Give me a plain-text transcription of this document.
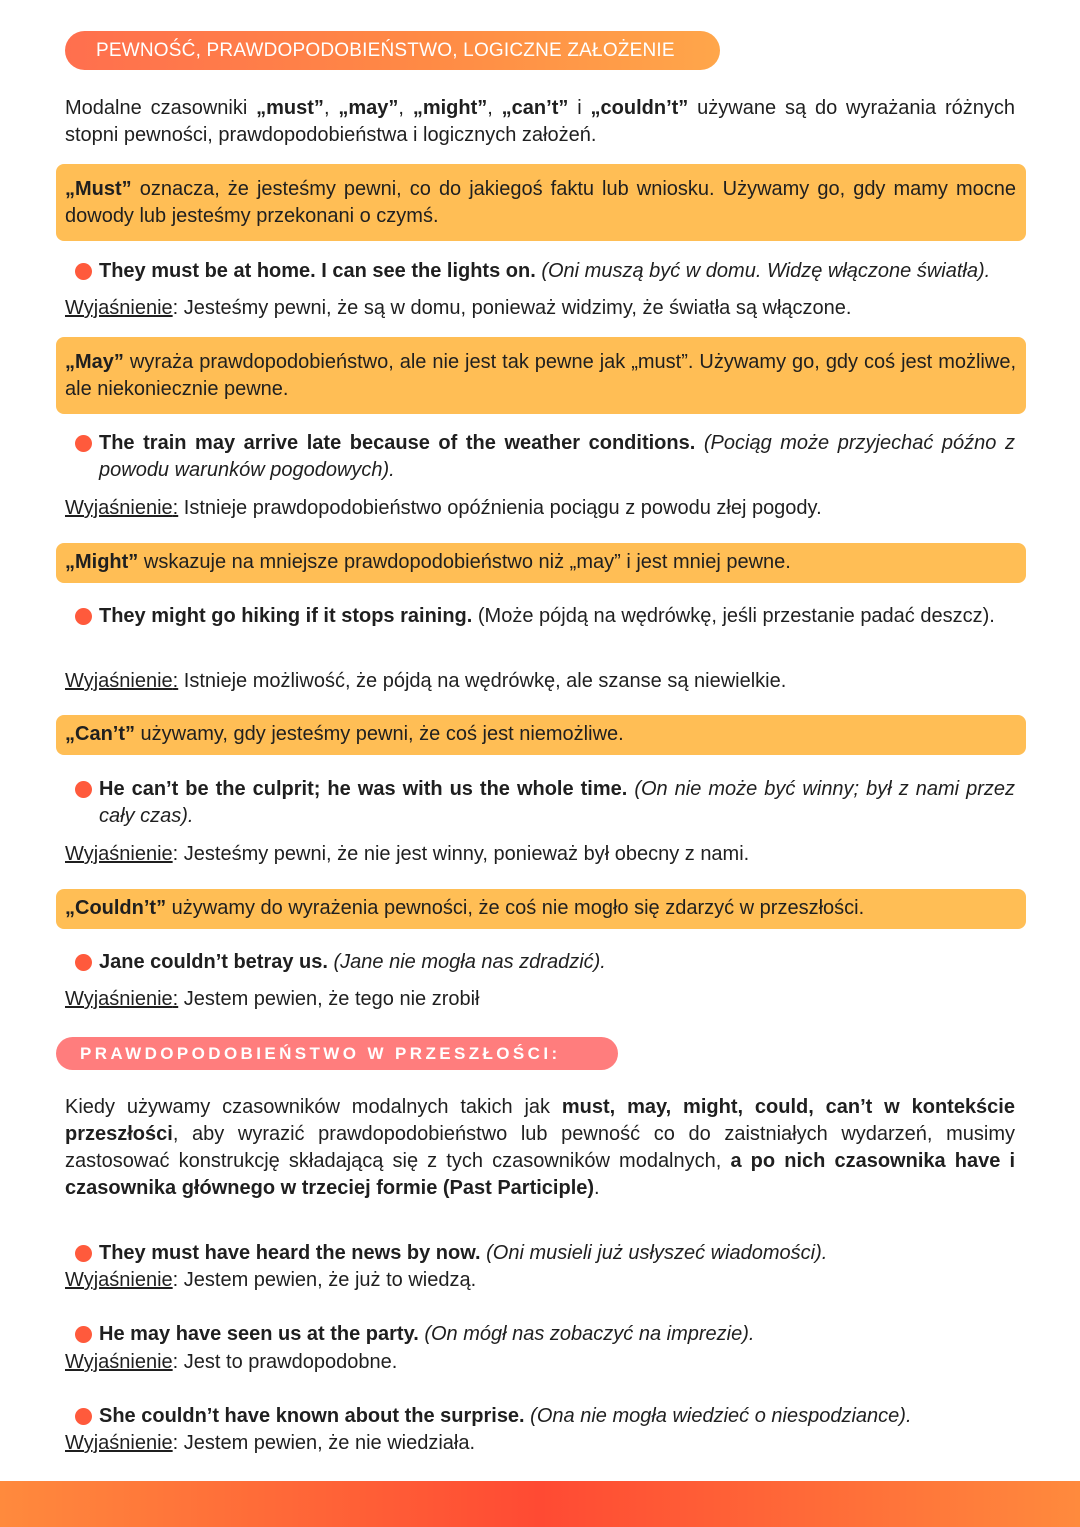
PEWNOŚĆ, PRAWDOPODOBIEŃSTWO, LOGICZNE ZAŁOŻENIE
Modalne czasowniki „must”, „may”, „might”, „can’t” i „couldn’t” używane są do wyrażania różnych stopni pewności, prawdopodobieństwa i logicznych założeń.
„Must” oznacza, że jesteśmy pewni, co do jakiegoś faktu lub wniosku. Używamy go, gdy mamy mocne dowody lub jesteśmy przekonani o czymś.
They must be at home. I can see the lights on. (Oni muszą być w domu. Widzę włączone światła).
Wyjaśnienie: Jesteśmy pewni, że są w domu, ponieważ widzimy, że światła są włączone.
„May” wyraża prawdopodobieństwo, ale nie jest tak pewne jak „must”. Używamy go, gdy coś jest możliwe, ale niekoniecznie pewne.
The train may arrive late because of the weather conditions. (Pociąg może przyjechać późno z powodu warunków pogodowych).
Wyjaśnienie: Istnieje prawdopodobieństwo opóźnienia pociągu z powodu złej pogody.
„Might” wskazuje na mniejsze prawdopodobieństwo niż „may” i jest mniej pewne.
They might go hiking if it stops raining. (Może pójdą na wędrówkę, jeśli przestanie padać deszcz).
Wyjaśnienie: Istnieje możliwość, że pójdą na wędrówkę, ale szanse są niewielkie.
„Can’t” używamy, gdy jesteśmy pewni, że coś jest niemożliwe.
He can’t be the culprit; he was with us the whole time. (On nie może być winny; był z nami przez cały czas).
Wyjaśnienie: Jesteśmy pewni, że nie jest winny, ponieważ był obecny z nami.
„Couldn’t” używamy do wyrażenia pewności, że coś nie mogło się zdarzyć w przeszłości.
Jane couldn’t betray us. (Jane nie mogła nas zdradzić).
Wyjaśnienie: Jestem pewien, że tego nie zrobił
PRAWDOPODOBIEŃSTWO W PRZESZŁOŚCI:
Kiedy używamy czasowników modalnych takich jak must, may, might, could, can’t w kontekście przeszłości, aby wyrazić prawdopodobieństwo lub pewność co do zaistniałych wydarzeń, musimy zastosować konstrukcję składającą się z tych czasowników modalnych, a po nich czasownika have i czasownika głównego w trzeciej formie (Past Participle).
They must have heard the news by now. (Oni musieli już usłyszeć wiadomości).
Wyjaśnienie: Jestem pewien, że już to wiedzą.
He may have seen us at the party. (On mógł nas zobaczyć na imprezie).
Wyjaśnienie: Jest to prawdopodobne.
She couldn’t have known about the surprise. (Ona nie mogła wiedzieć o niespodziance).
Wyjaśnienie: Jestem pewien, że nie wiedziała.
